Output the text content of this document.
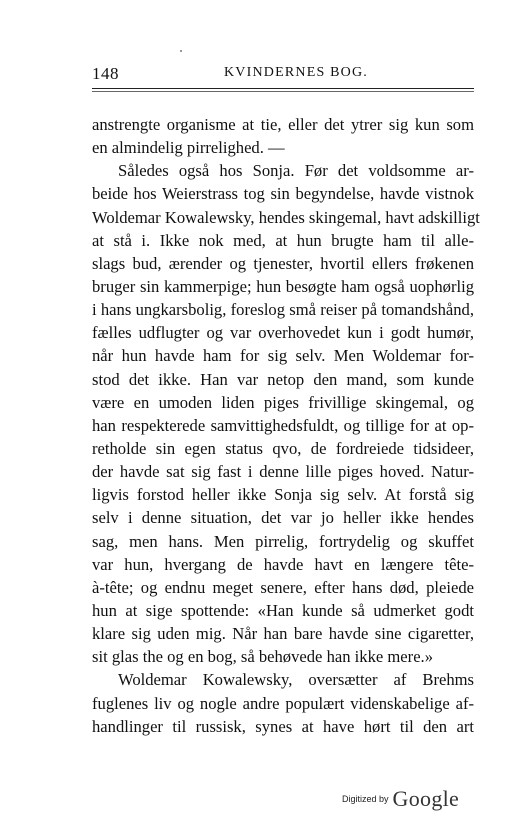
148	KVINDERNES BOG.
anstrengte organisme at tie, eller det ytrer sig kun som
en almindelig pirrelighed. —
Således også hos Sonja. Før det voldsomme ar-
beide hos Weierstrass tog sin begyndelse, havde vistnok
Woldemar Kowalewsky, hendes skingemal, havt adskilligt
at stå i. Ikke nok med, at hun brugte ham til alle-
slags bud, ærender og tjenester, hvortil ellers frøkenen
bruger sin kammerpige; hun besøgte ham også uophørlig
i hans ungkarsbolig, foreslog små reiser på tomandshånd,
fælles udflugter og var overhovedet kun i godt humør,
når hun havde ham for sig selv. Men Woldemar for-
stod det ikke. Han var netop den mand, som kunde
være en umoden liden piges frivillige skingemal, og
han respekterede samvittighedsfuldt, og tillige for at op-
retholde sin egen status qvo, de fordreiede tidsideer,
der havde sat sig fast i denne lille piges hoved. Natur-
ligvis forstod heller ikke Sonja sig selv. At forstå sig
selv i denne situation, det var jo heller ikke hendes
sag, men hans. Men pirrelig, fortrydelig og skuffet
var hun, hvergang de havde havt en længere tête-
à-tête; og endnu meget senere, efter hans død, pleiede
hun at sige spottende: «Han kunde så udmerket godt
klare sig uden mig. Når han bare havde sine cigaretter,
sit glas the og en bog, så behøvede han ikke mere.»
Woldemar Kowalewsky, oversætter af Brehms
fuglenes liv og nogle andre populært videnskabelige af-
handlinger til russisk, synes at have hørt til den art
Digitized by Google
